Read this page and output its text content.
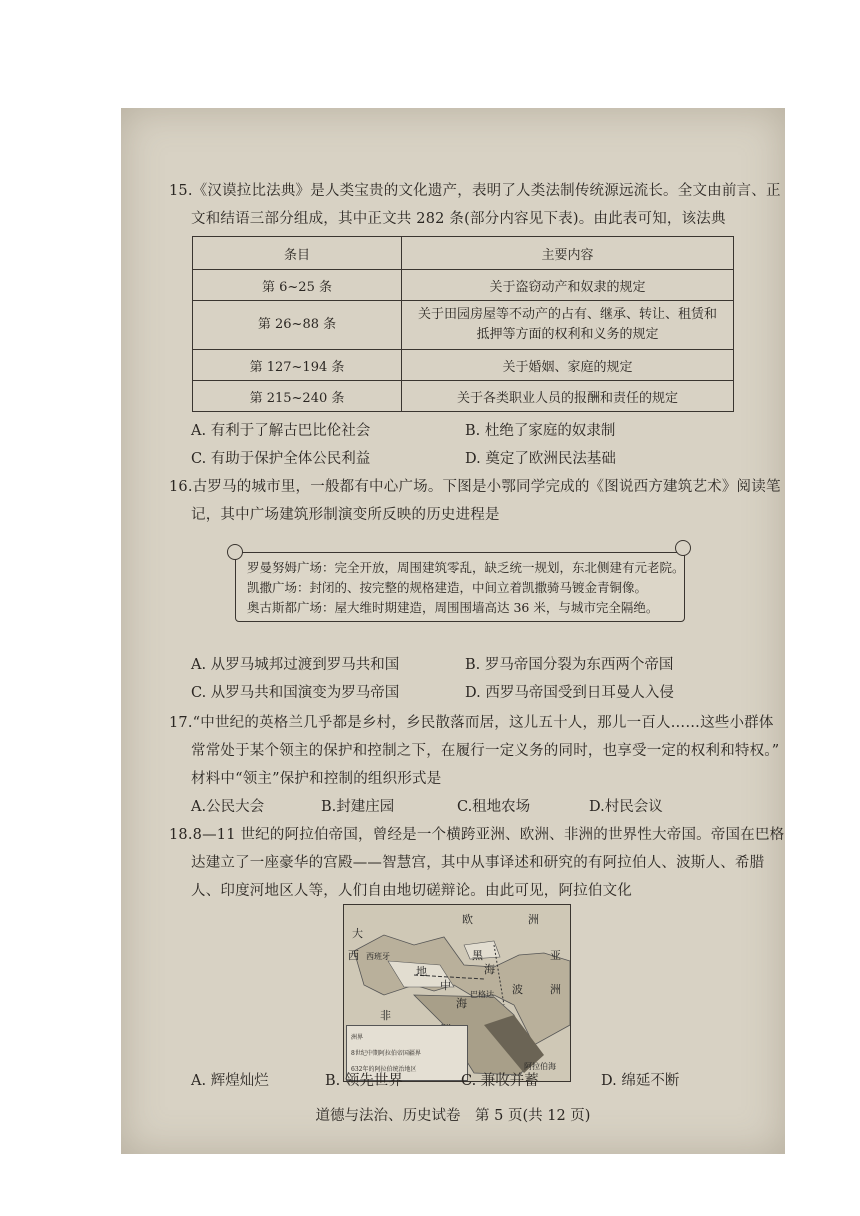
15.《汉谟拉比法典》是人类宝贵的文化遗产，表明了人类法制传统源远流长。全文由前言、正
文和结语三部分组成，其中正文共 282 条(部分内容见下表)。由此表可知，该法典
条目	主要内容
第 6~25 条	关于盗窃动产和奴隶的规定
第 26~88 条	关于田园房屋等不动产的占有、继承、转让、租赁和抵押等方面的权利和义务的规定
第 127~194 条	关于婚姻、家庭的规定
第 215~240 条	关于各类职业人员的报酬和责任的规定
A. 有利于了解古巴比伦社会	B. 杜绝了家庭的奴隶制
C. 有助于保护全体公民利益	D. 奠定了欧洲民法基础
16.古罗马的城市里，一般都有中心广场。下图是小鄂同学完成的《图说西方建筑艺术》阅读笔
记，其中广场建筑形制演变所反映的历史进程是
罗曼努姆广场：完全开放，周围建筑零乱，缺乏统一规划，东北侧建有元老院。
凯撒广场：封闭的、按完整的规格建造，中间立着凯撒骑马镀金青铜像。
奥古斯都广场：屋大维时期建造，周围围墙高达 36 米，与城市完全隔绝。
A. 从罗马城邦过渡到罗马共和国	B. 罗马帝国分裂为东西两个帝国
C. 从罗马共和国演变为罗马帝国	D. 西罗马帝国受到日耳曼人入侵
17.“中世纪的英格兰几乎都是乡村，乡民散落而居，这儿五十人，那儿一百人……这些小群体
常常处于某个领主的保护和控制之下，在履行一定义务的同时，也享受一定的权利和特权。”
材料中“领主”保护和控制的组织形式是
A.公民大会	B.封建庄园	C.租地农场	D.村民会议
18.8—11 世纪的阿拉伯帝国，曾经是一个横跨亚洲、欧洲、非洲的世界性大帝国。帝国在巴格
达建立了一座豪华的宫殿——智慧宫，其中从事译述和研究的有阿拉伯人、波斯人、希腊
人、印度河地区人等，人们自由地切磋辩论。由此可见，阿拉伯文化
欧	洲
大
西 西班牙	黑
海
地
中
海
巴格达 波
亚
洲
非
阿拉伯海
洲界
8世纪中期阿拉伯帝国疆界
632年的阿拉伯统治地区
A. 辉煌灿烂	B. 领先世界	C. 兼收并蓄	D. 绵延不断
道德与法治、历史试卷　第 5 页(共 12 页)
